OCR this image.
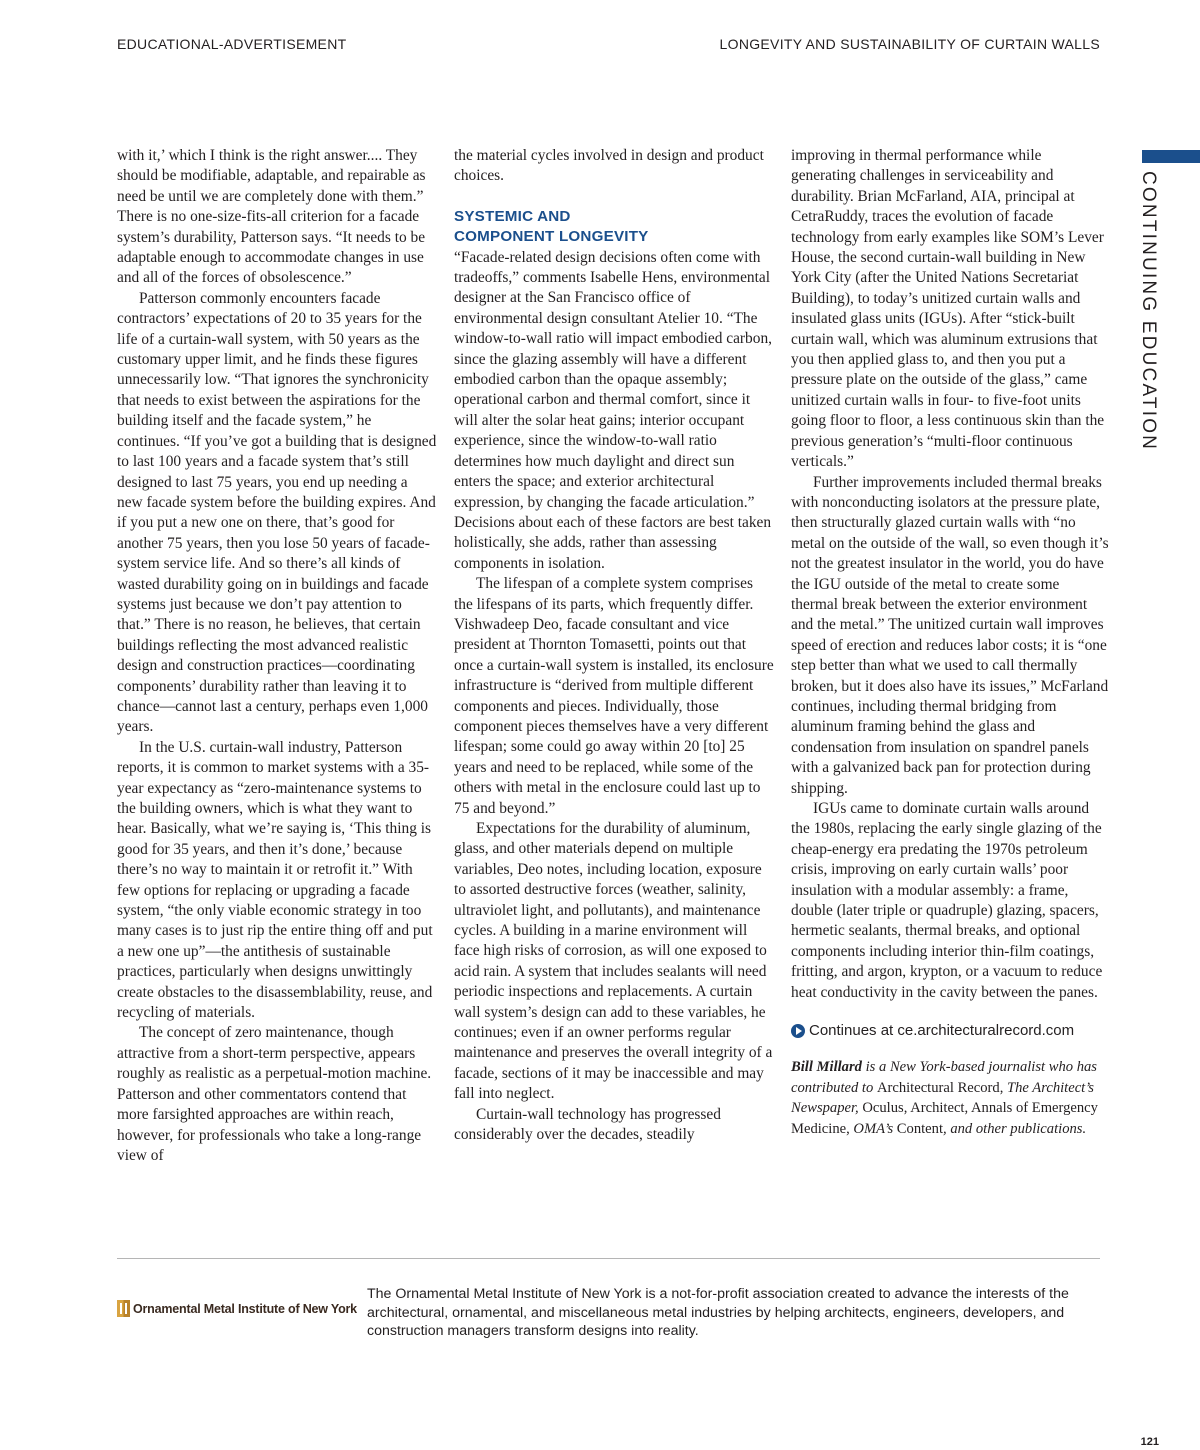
EDUCATIONAL-ADVERTISEMENT	LONGEVITY AND SUSTAINABILITY OF CURTAIN WALLS
CONTINUING EDUCATION

with it,’ which I think is the right answer.... They should be modifiable, adaptable, and repairable as need be until we are completely done with them.” There is no one-size-fits-all criterion for a facade system’s durability, Patterson says. “It needs to be adaptable enough to accommodate changes in use and all of the forces of obsolescence.”

Patterson commonly encounters facade contractors’ expectations of 20 to 35 years for the life of a curtain-wall system, with 50 years as the customary upper limit, and he finds these figures unnecessarily low. “That ignores the synchronicity that needs to exist between the aspirations for the building itself and the facade system,” he continues. “If you’ve got a building that is designed to last 100 years and a facade system that’s still designed to last 75 years, you end up needing a new facade system before the building expires. And if you put a new one on there, that’s good for another 75 years, then you lose 50 years of facade-system service life. And so there’s all kinds of wasted durability going on in buildings and facade systems just because we don’t pay attention to that.” There is no reason, he believes, that certain buildings reflecting the most advanced realistic design and construction practices—coordinating components’ durability rather than leaving it to chance—cannot last a century, perhaps even 1,000 years.

In the U.S. curtain-wall industry, Patterson reports, it is common to market systems with a 35-year expectancy as “zero-maintenance systems to the building owners, which is what they want to hear. Basically, what we’re saying is, ‘This thing is good for 35 years, and then it’s done,’ because there’s no way to maintain it or retrofit it.” With few options for replacing or upgrading a facade system, “the only viable economic strategy in too many cases is to just rip the entire thing off and put a new one up”—the antithesis of sustainable practices, particularly when designs unwittingly create obstacles to the disassemblability, reuse, and recycling of materials.

The concept of zero maintenance, though attractive from a short-term perspective, appears roughly as realistic as a perpetual-motion machine. Patterson and other commentators contend that more farsighted approaches are within reach, however, for professionals who take a long-range view of

the material cycles involved in design and product choices.

SYSTEMIC AND
COMPONENT LONGEVITY

“Facade-related design decisions often come with tradeoffs,” comments Isabelle Hens, environmental designer at the San Francisco office of environmental design consultant Atelier 10. “The window-to-wall ratio will impact embodied carbon, since the glazing assembly will have a different embodied carbon than the opaque assembly; operational carbon and thermal comfort, since it will alter the solar heat gains; interior occupant experience, since the window-to-wall ratio determines how much daylight and direct sun enters the space; and exterior architectural expression, by changing the facade articulation.” Decisions about each of these factors are best taken holistically, she adds, rather than assessing components in isolation.

The lifespan of a complete system comprises the lifespans of its parts, which frequently differ. Vishwadeep Deo, facade consultant and vice president at Thornton Tomasetti, points out that once a curtain-wall system is installed, its enclosure infrastructure is “derived from multiple different components and pieces. Individually, those component pieces themselves have a very different lifespan; some could go away within 20 [to] 25 years and need to be replaced, while some of the others with metal in the enclosure could last up to 75 and beyond.”

Expectations for the durability of aluminum, glass, and other materials depend on multiple variables, Deo notes, including location, exposure to assorted destructive forces (weather, salinity, ultraviolet light, and pollutants), and maintenance cycles. A building in a marine environment will face high risks of corrosion, as will one exposed to acid rain. A system that includes sealants will need periodic inspections and replacements. A curtain wall system’s design can add to these variables, he continues; even if an owner performs regular maintenance and preserves the overall integrity of a facade, sections of it may be inaccessible and may fall into neglect.

Curtain-wall technology has progressed considerably over the decades, steadily

improving in thermal performance while generating challenges in serviceability and durability. Brian McFarland, AIA, principal at CetraRuddy, traces the evolution of facade technology from early examples like SOM’s Lever House, the second curtain-wall building in New York City (after the United Nations Secretariat Building), to today’s unitized curtain walls and insulated glass units (IGUs). After “stick-built curtain wall, which was aluminum extrusions that you then applied glass to, and then you put a pressure plate on the outside of the glass,” came unitized curtain walls in four- to five-foot units going floor to floor, a less continuous skin than the previous generation’s “multi-floor continuous verticals.”

Further improvements included thermal breaks with nonconducting isolators at the pressure plate, then structurally glazed curtain walls with “no metal on the outside of the wall, so even though it’s not the greatest insulator in the world, you do have the IGU outside of the metal to create some thermal break between the exterior environment and the metal.” The unitized curtain wall improves speed of erection and reduces labor costs; it is “one step better than what we used to call thermally broken, but it does also have its issues,” McFarland continues, including thermal bridging from aluminum framing behind the glass and condensation from insulation on spandrel panels with a galvanized back pan for protection during shipping.

IGUs came to dominate curtain walls around the 1980s, replacing the early single glazing of the cheap-energy era predating the 1970s petroleum crisis, improving on early curtain walls’ poor insulation with a modular assembly: a frame, double (later triple or quadruple) glazing, spacers, hermetic sealants, thermal breaks, and optional components including interior thin-film coatings, fritting, and argon, krypton, or a vacuum to reduce heat conductivity in the cavity between the panes.

Continues at ce.architecturalrecord.com
Bill Millard is a New York-based journalist who has contributed to Architectural Record, The Architect’s Newspaper, Oculus, Architect, Annals of Emergency Medicine, OMA’s Content, and other publications.
Ornamental Metal Institute of New York
The Ornamental Metal Institute of New York is a not-for-profit association created to advance the interests of the architectural, ornamental, and miscellaneous metal industries by helping architects, engineers, developers, and construction managers transform designs into reality.
121
